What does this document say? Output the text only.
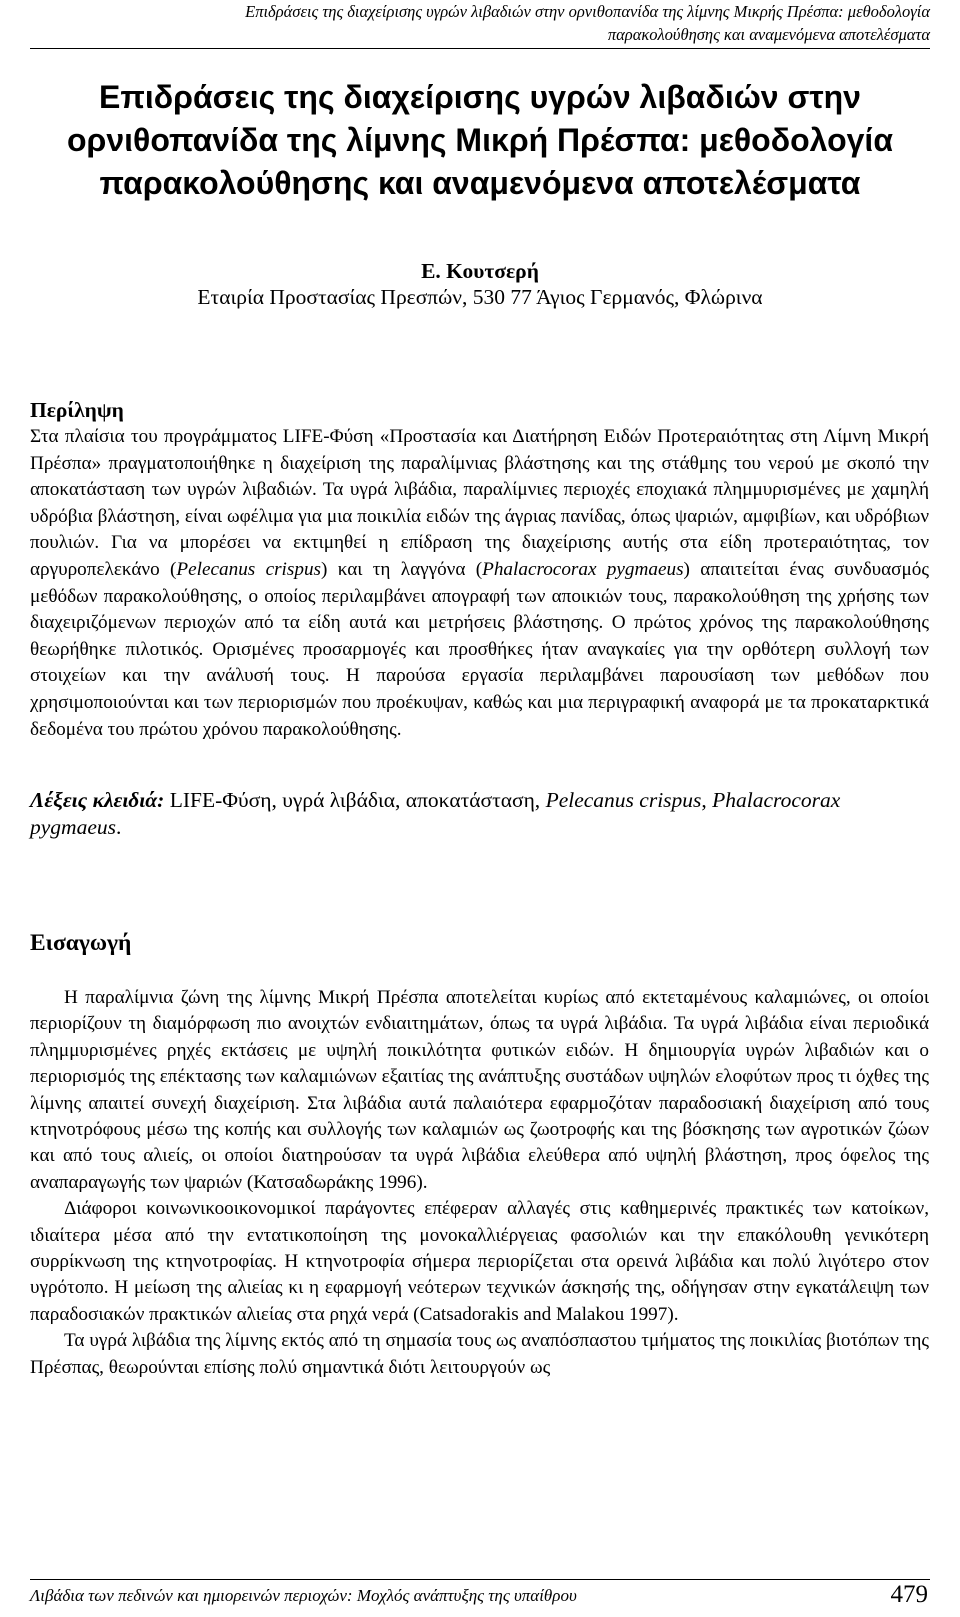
Επιδράσεις της διαχείρισης υγρών λιβαδιών στην ορνιθοπανίδα της λίμνης Μικρής Πρέσπα: μεθοδολογία
παρακολούθησης και αναμενόμενα αποτελέσματα
Επιδράσεις της διαχείρισης υγρών λιβαδιών στην
ορνιθοπανίδα της λίμνης Μικρή Πρέσπα: μεθοδολογία
παρακολούθησης και αναμενόμενα αποτελέσματα
Ε. Κουτσερή
Εταιρία Προστασίας Πρεσπών, 530 77 Άγιος Γερμανός, Φλώρινα
Περίληψη
Στα πλαίσια του προγράμματος LIFE-Φύση «Προστασία και Διατήρηση Ειδών Προτεραιότητας στη Λίμνη Μικρή Πρέσπα» πραγματοποιήθηκε η διαχείριση της παραλίμνιας βλάστησης και της στάθμης του νερού με σκοπό την αποκατάσταση των υγρών λιβαδιών. Τα υγρά λιβάδια, παραλίμνιες περιοχές εποχιακά πλημμυρισμένες με χαμηλή υδρόβια βλάστηση, είναι ωφέλιμα για μια ποικιλία ειδών της άγριας πανίδας, όπως ψαριών, αμφιβίων, και υδρόβιων πουλιών. Για να μπορέσει να εκτιμηθεί η επίδραση της διαχείρισης αυτής στα είδη προτεραιότητας, τον αργυροπελεκάνο (Pelecanus crispus) και τη λαγγόνα (Phalacrocorax pygmaeus) απαιτείται ένας συνδυασμός μεθόδων παρακολούθησης, ο οποίος περιλαμβάνει απογραφή των αποικιών τους, παρακολούθηση της χρήσης των διαχειριζόμενων περιοχών από τα είδη αυτά και μετρήσεις βλάστησης. Ο πρώτος χρόνος της παρακολούθησης θεωρήθηκε πιλοτικός. Ορισμένες προσαρμογές και προσθήκες ήταν αναγκαίες για την ορθότερη συλλογή των στοιχείων και την ανάλυσή τους. Η παρούσα εργασία περιλαμβάνει παρουσίαση των μεθόδων που χρησιμοποιούνται και των περιορισμών που προέκυψαν, καθώς και μια περιγραφική αναφορά με τα προκαταρκτικά δεδομένα του πρώτου χρόνου παρακολούθησης.
Λέξεις κλειδιά: LIFE-Φύση, υγρά λιβάδια, αποκατάσταση, Pelecanus crispus, Phalacrocorax pygmaeus.
Εισαγωγή

Η παραλίμνια ζώνη της λίμνης Μικρή Πρέσπα αποτελείται κυρίως από εκτεταμένους καλαμιώνες, οι οποίοι περιορίζουν τη διαμόρφωση πιο ανοιχτών ενδιαιτημάτων, όπως τα υγρά λιβάδια. Τα υγρά λιβάδια είναι περιοδικά πλημμυρισμένες ρηχές εκτάσεις με υψηλή ποικιλότητα φυτικών ειδών. Η δημιουργία υγρών λιβαδιών και ο περιορισμός της επέκτασης των καλαμιώνων εξαιτίας της ανάπτυξης συστάδων υψηλών ελοφύτων προς τι όχθες της λίμνης απαιτεί συνεχή διαχείριση. Στα λιβάδια αυτά παλαιότερα εφαρμοζόταν παραδοσιακή διαχείριση από τους κτηνοτρόφους μέσω της κοπής και συλλογής των καλαμιών ως ζωοτροφής και της βόσκησης των αγροτικών ζώων και από τους αλιείς, οι οποίοι διατηρούσαν τα υγρά λιβάδια ελεύθερα από υψηλή βλάστηση, προς όφελος της αναπαραγωγής των ψαριών (Κατσαδωράκης 1996).

Διάφοροι κοινωνικοοικονομικοί παράγοντες επέφεραν αλλαγές στις καθημερινές πρακτικές των κατοίκων, ιδιαίτερα μέσα από την εντατικοποίηση της μονοκαλλιέργειας φασολιών και την επακόλουθη γενικότερη συρρίκνωση της κτηνοτροφίας. Η κτηνοτροφία σήμερα περιορίζεται στα ορεινά λιβάδια και πολύ λιγότερο στον υγρότοπο. Η μείωση της αλιείας κι η εφαρμογή νεότερων τεχνικών άσκησής της, οδήγησαν στην εγκατάλειψη των παραδοσιακών πρακτικών αλιείας στα ρηχά νερά (Catsadorakis and Malakou 1997).

Τα υγρά λιβάδια της λίμνης εκτός από τη σημασία τους ως αναπόσπαστου τμήματος της ποικιλίας βιοτόπων της Πρέσπας, θεωρούνται επίσης πολύ σημαντικά διότι λειτουργούν ως

Λιβάδια των πεδινών και ημιορεινών περιοχών: Μοχλός ανάπτυξης της υπαίθρου	479
